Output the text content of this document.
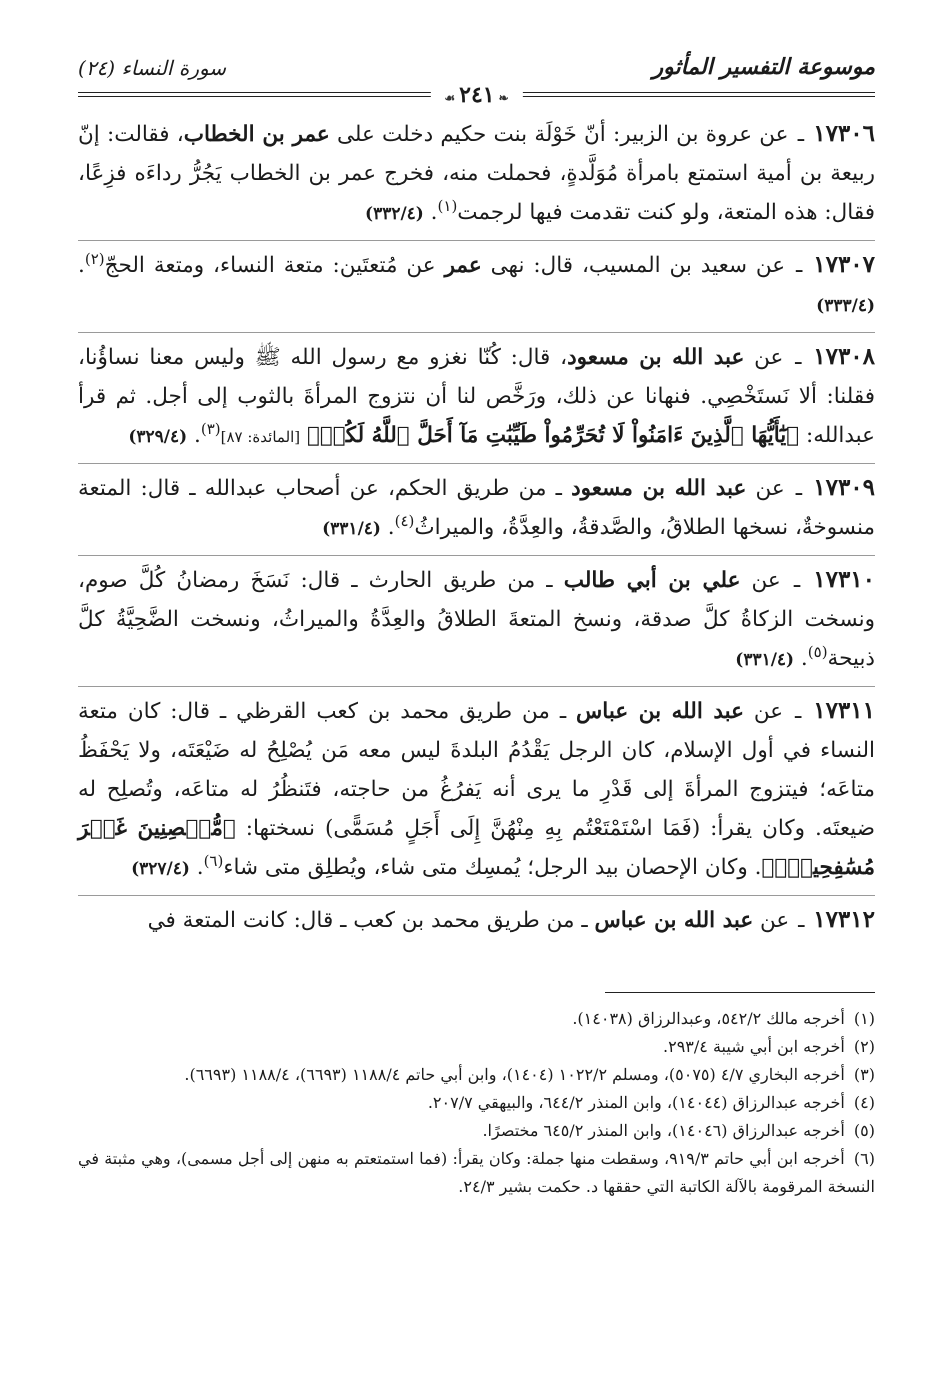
موسوعة التفسير المأثور
❧٢٤١☙
سورة النساء (٢٤)

١٧٣٠٦ ـ عن عروة بن الزبير: أنّ خَوْلَة بنت حكيم دخلت على عمر بن الخطاب، فقالت: إنّ ربيعة بن أمية استمتع بامرأة مُوَلَّدةٍ، فحملت منه، فخرج عمر بن الخطاب يَجُرُّ رداءَه فزِعًا، فقال: هذه المتعة، ولو كنت تقدمت فيها لرجمت$^{(١)}$. (٣٣٢/٤)

١٧٣٠٧ ـ عن سعيد بن المسيب، قال: نهى عمر عن مُتعتَين: متعة النساء، ومتعة الحجّ$^{(٢)}$. (٣٣٣/٤)

١٧٣٠٨ ـ عن عبد الله بن مسعود، قال: كُنّا نغزو مع رسول الله ﷺ وليس معنا نساؤُنا، فقلنا: ألا نَستَخْصِي. فنهانا عن ذلك، ورَخَّص لنا أن نتزوج المرأةَ بالثوب إلى أجل. ثم قرأ عبدالله: ﴿يَٰٓأَيُّهَا ٱلَّذِينَ ءَامَنُواْ لَا تُحَرِّمُواْ طَيِّبَٰتِ مَآ أَحَلَّ ٱللَّهُ لَكُمۡ﴾ [المائدة: ٨٧]$^{(٣)}$. (٣٢٩/٤)

١٧٣٠٩ ـ عن عبد الله بن مسعود ـ من طريق الحكم، عن أصحاب عبدالله ـ قال: المتعة منسوخةٌ، نسخها الطلاقُ، والصَّدقةُ، والعِدَّةُ، والميراثُ$^{(٤)}$. (٣٣١/٤)

١٧٣١٠ ـ عن علي بن أبي طالب ـ من طريق الحارث ـ قال: نَسَخَ رمضانُ كُلَّ صوم، ونسخت الزكاةُ كلَّ صدقة، ونسخ المتعةَ الطلاقُ والعِدَّةُ والميراثُ، ونسخت الضَّحِيَّةُ كلَّ ذبيحة$^{(٥)}$. (٣٣١/٤)

١٧٣١١ ـ عن عبد الله بن عباس ـ من طريق محمد بن كعب القرظي ـ قال: كان متعة النساء في أول الإسلام، كان الرجل يَقْدُمُ البلدةَ ليس معه مَن يُصْلِحُ له ضَيْعَتَه، ولا يَحْفَظُ متاعَه؛ فيتزوج المرأةَ إلى قَدْرِ ما يرى أنه يَفرُغُ من حاجته، فتَنظُرُ له متاعَه، وتُصلِح له ضيعتَه. وكان يقرأ: (فَمَا اسْتَمْتَعْتُم بِهِ مِنْهُنَّ إِلَى أَجَلٍ مُسَمًّى) نسختها: ﴿مُّحۡصِنِينَ غَيۡرَ مُسَٰفِحِينَۚ﴾. وكان الإحصان بيد الرجل؛ يُمسِك متى شاء، ويُطلِق متى شاء$^{(٦)}$. (٣٢٧/٤)

١٧٣١٢ ـ عن عبد الله بن عباس ـ من طريق محمد بن كعب ـ قال: كانت المتعة في

(١) أخرجه مالك ٥٤٢/٢، وعبدالرزاق (١٤٠٣٨).

(٢) أخرجه ابن أبي شيبة ٢٩٣/٤.

(٣) أخرجه البخاري ٤/٧ (٥٠٧٥)، ومسلم ١٠٢٢/٢ (١٤٠٤)، وابن أبي حاتم ١١٨٨/٤ (٦٦٩٣)، ١١٨٨/٤ (٦٦٩٣).

(٤) أخرجه عبدالرزاق (١٤٠٤٤)، وابن المنذر ٦٤٤/٢، والبيهقي ٢٠٧/٧.

(٥) أخرجه عبدالرزاق (١٤٠٤٦)، وابن المنذر ٦٤٥/٢ مختصرًا.

(٦) أخرجه ابن أبي حاتم ٩١٩/٣، وسقطت منها جملة: وكان يقرأ: (فما استمتعتم به منهن إلى أجل مسمى)، وهي مثبتة في النسخة المرقومة بالآلة الكاتبة التي حققها د. حكمت بشير ٢٤/٣.
